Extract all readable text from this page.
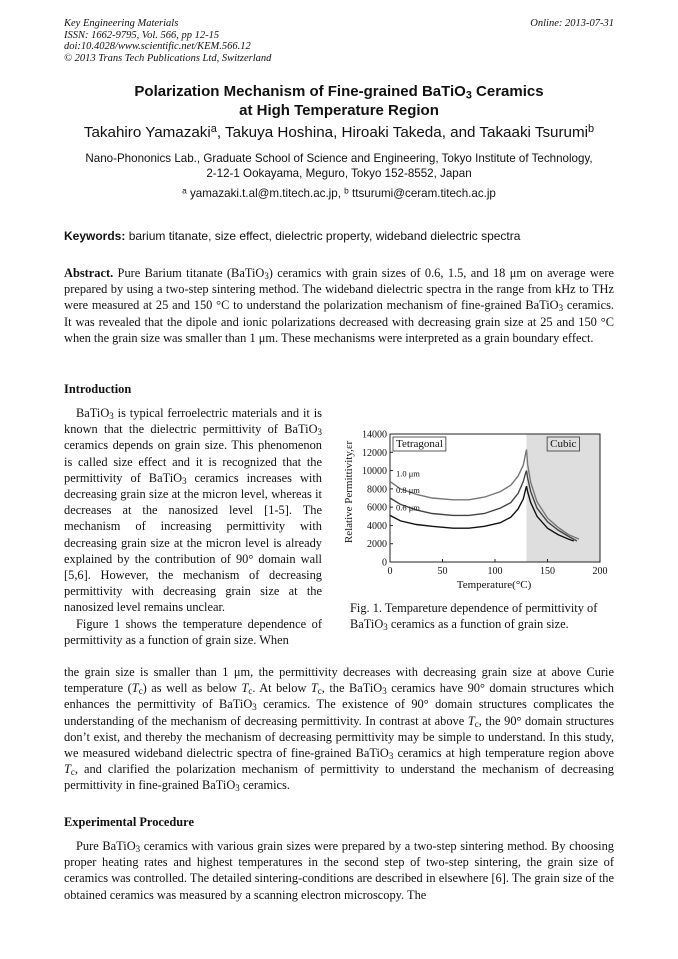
Key Engineering Materials
ISSN: 1662-9795, Vol. 566, pp 12-15
doi:10.4028/www.scientific.net/KEM.566.12
© 2013 Trans Tech Publications Ltd, Switzerland
Online: 2013-07-31
Polarization Mechanism of Fine-grained BaTiO$_3$ Ceramics
at High Temperature Region
Takahiro Yamazaki$^a$, Takuya Hoshina, Hiroaki Takeda, and Takaaki Tsurumi$^b$
Nano-Phononics Lab., Graduate School of Science and Engineering, Tokyo Institute of Technology,
2-12-1 Ookayama, Meguro, Tokyo 152-8552, Japan
$^a$ yamazaki.t.al@m.titech.ac.jp, $^b$ ttsurumi@ceram.titech.ac.jp
Keywords: barium titanate, size effect, dielectric property, wideband dielectric spectra
Abstract. Pure Barium titanate (BaTiO$_3$) ceramics with grain sizes of 0.6, 1.5, and 18 μm on average were prepared by using a two-step sintering method. The wideband dielectric spectra in the range from kHz to THz were measured at 25 and 150 °C to understand the polarization mechanism of fine-grained BaTiO$_3$ ceramics. It was revealed that the dipole and ionic polarizations decreased with decreasing grain size at 25 and 150 °C when the grain size was smaller than 1 μm. These mechanisms were interpreted as a grain boundary effect.
Introduction
BaTiO$_3$ is typical ferroelectric materials and it is known that the dielectric permittivity of BaTiO$_3$ ceramics depends on grain size. This phenomenon is called size effect and it is recognized that the permittivity of BaTiO$_3$ ceramics increases with decreasing grain size at the micron level, whereas it decreases at the nanosized level [1-5]. The mechanism of increasing permittivity with decreasing grain size at the micron level is already explained by the contribution of 90° domain wall [5,6]. However, the mechanism of decreasing permittivity with decreasing grain size at the nanosized level remains unclear.
Figure 1 shows the temperature dependence of permittivity as a function of grain size. When
Relative Permittivity,εr
Temperature(°C)
0
2000
4000
6000
8000
10000
12000
14000
0	50	100	150	200
Tetragonal	Cubic
1.0 μm
0.8 μm
0.6 μm
Fig. 1. Tempareture dependence of permittivity of BaTiO$_3$ ceramics as a function of grain size.
the grain size is smaller than 1 μm, the permittivity decreases with decreasing grain size at above Curie temperature $(T_c)$ as well as below $T_c$. At below $T_c$, the BaTiO$_3$ ceramics have 90° domain structures which enhances the permittivity of BaTiO$_3$ ceramics. The existence of 90° domain structures complicates the understanding of the mechanism of decreasing permittivity. In contrast at above $T_c$, the 90° domain structures don’t exist, and thereby the mechanism of decreasing permittivity may be simple to understand. In this study, we measured wideband dielectric spectra of fine-grained BaTiO$_3$ ceramics at high temperature region above $T_c$, and clarified the polarization mechanism of permittivity to understand the mechanism of decreasing permittivity in fine-grained BaTiO$_3$ ceramics.
Experimental Procedure
Pure BaTiO$_3$ ceramics with various grain sizes were prepared by a two-step sintering method. By choosing proper heating rates and highest temperatures in the second step of two-step sintering, the grain size of ceramics was controlled. The detailed sintering-conditions are described in elsewhere [6]. The grain size of the obtained ceramics was measured by a scanning electron microscopy. The
